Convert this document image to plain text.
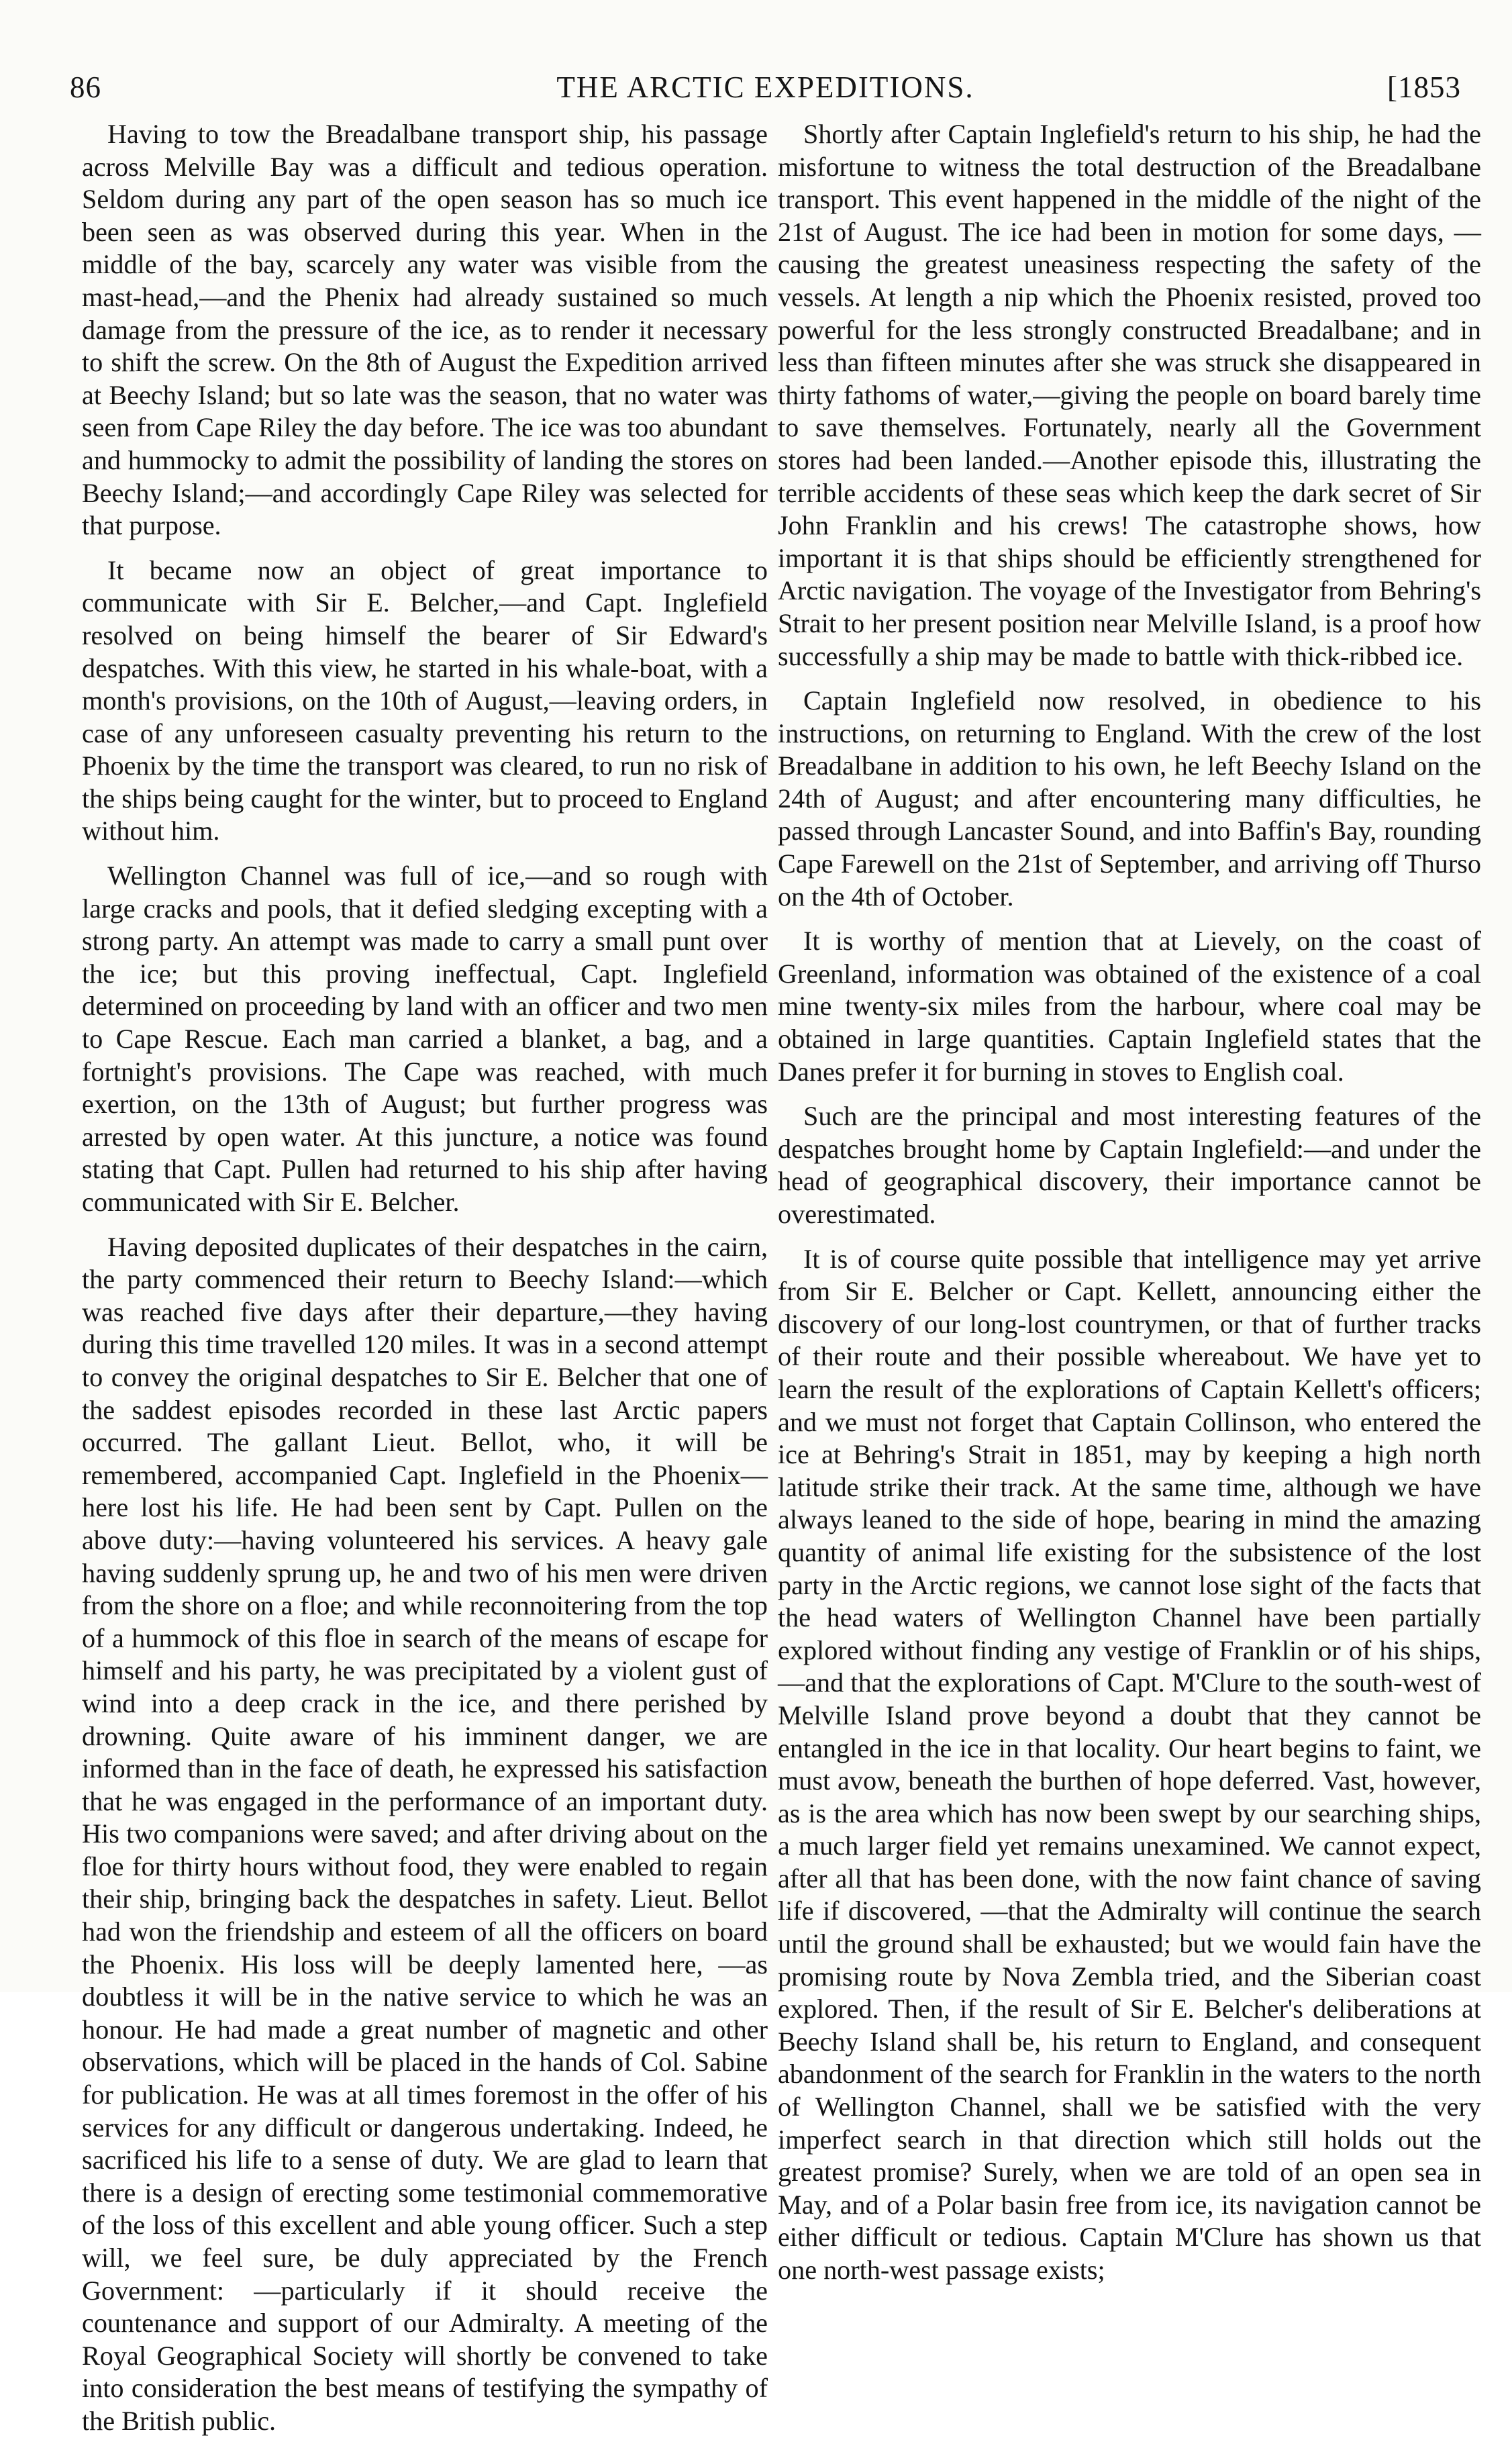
86	THE ARCTIC EXPEDITIONS.	[1853

Having to tow the Breadalbane transport ship, his passage across Melville Bay was a difficult and tedious operation. Seldom during any part of the open season has so much ice been seen as was observed during this year. When in the middle of the bay, scarcely any water was visible from the mast-head,—and the Phenix had already sustained so much damage from the pressure of the ice, as to render it necessary to shift the screw. On the 8th of August the Expedition arrived at Beechy Island; but so late was the season, that no water was seen from Cape Riley the day before. The ice was too abundant and hummocky to admit the possibility of landing the stores on Beechy Island;—and accordingly Cape Riley was selected for that purpose.

It became now an object of great importance to communicate with Sir E. Belcher,—and Capt. Inglefield resolved on being himself the bearer of Sir Edward's despatches. With this view, he started in his whale-boat, with a month's provisions, on the 10th of August,—leaving orders, in case of any unforeseen casualty preventing his return to the Phoenix by the time the transport was cleared, to run no risk of the ships being caught for the winter, but to proceed to England without him.

Wellington Channel was full of ice,—and so rough with large cracks and pools, that it defied sledging excepting with a strong party. An attempt was made to carry a small punt over the ice; but this proving ineffectual, Capt. Inglefield determined on proceeding by land with an officer and two men to Cape Rescue. Each man carried a blanket, a bag, and a fortnight's provisions. The Cape was reached, with much exertion, on the 13th of August; but further progress was arrested by open water. At this juncture, a notice was found stating that Capt. Pullen had returned to his ship after having communicated with Sir E. Belcher.

Having deposited duplicates of their despatches in the cairn, the party commenced their return to Beechy Island:—which was reached five days after their departure,—they having during this time travelled 120 miles. It was in a second attempt to convey the original despatches to Sir E. Belcher that one of the saddest episodes recorded in these last Arctic papers occurred. The gallant Lieut. Bellot, who, it will be remembered, accompanied Capt. Inglefield in the Phoenix—here lost his life. He had been sent by Capt. Pullen on the above duty:—having volunteered his services. A heavy gale having suddenly sprung up, he and two of his men were driven from the shore on a floe; and while reconnoitering from the top of a hummock of this floe in search of the means of escape for himself and his party, he was precipitated by a violent gust of wind into a deep crack in the ice, and there perished by drowning. Quite aware of his imminent danger, we are informed than in the face of death, he expressed his satisfaction that he was engaged in the performance of an important duty. His two companions were saved; and after driving about on the floe for thirty hours without food, they were enabled to regain their ship, bringing back the despatches in safety. Lieut. Bellot had won the friendship and esteem of all the officers on board the Phoenix. His loss will be deeply lamented here, —as doubtless it will be in the native service to which he was an honour. He had made a great number of magnetic and other observations, which will be placed in the hands of Col. Sabine for publication. He was at all times foremost in the offer of his services for any difficult or dangerous undertaking. Indeed, he sacrificed his life to a sense of duty. We are glad to learn that there is a design of erecting some testimonial commemorative of the loss of this excellent and able young officer. Such a step will, we feel sure, be duly appreciated by the French Government: —particularly if it should receive the countenance and support of our Admiralty. A meeting of the Royal Geographical Society will shortly be convened to take into consideration the best means of testifying the sympathy of the British public.

Shortly after Captain Inglefield's return to his ship, he had the misfortune to witness the total destruction of the Breadalbane transport. This event happened in the middle of the night of the 21st of August. The ice had been in motion for some days, —causing the greatest uneasiness respecting the safety of the vessels. At length a nip which the Phoenix resisted, proved too powerful for the less strongly constructed Breadalbane; and in less than fifteen minutes after she was struck she disappeared in thirty fathoms of water,—giving the people on board barely time to save themselves. Fortunately, nearly all the Government stores had been landed.—Another episode this, illustrating the terrible accidents of these seas which keep the dark secret of Sir John Franklin and his crews! The catastrophe shows, how important it is that ships should be efficiently strengthened for Arctic navigation. The voyage of the Investigator from Behring's Strait to her present position near Melville Island, is a proof how successfully a ship may be made to battle with thick-ribbed ice.

Captain Inglefield now resolved, in obedience to his instructions, on returning to England. With the crew of the lost Breadalbane in addition to his own, he left Beechy Island on the 24th of August; and after encountering many difficulties, he passed through Lancaster Sound, and into Baffin's Bay, rounding Cape Farewell on the 21st of September, and arriving off Thurso on the 4th of October.

It is worthy of mention that at Lievely, on the coast of Greenland, information was obtained of the existence of a coal mine twenty-six miles from the harbour, where coal may be obtained in large quantities. Captain Inglefield states that the Danes prefer it for burning in stoves to English coal.

Such are the principal and most interesting features of the despatches brought home by Captain Inglefield:—and under the head of geographical discovery, their importance cannot be overestimated.

It is of course quite possible that intelligence may yet arrive from Sir E. Belcher or Capt. Kellett, announcing either the discovery of our long-lost countrymen, or that of further tracks of their route and their possible whereabout. We have yet to learn the result of the explorations of Captain Kellett's officers; and we must not forget that Captain Collinson, who entered the ice at Behring's Strait in 1851, may by keeping a high north latitude strike their track. At the same time, although we have always leaned to the side of hope, bearing in mind the amazing quantity of animal life existing for the subsistence of the lost party in the Arctic regions, we cannot lose sight of the facts that the head waters of Wellington Channel have been partially explored without finding any vestige of Franklin or of his ships,—and that the explorations of Capt. M'Clure to the south-west of Melville Island prove beyond a doubt that they cannot be entangled in the ice in that locality. Our heart begins to faint, we must avow, beneath the burthen of hope deferred. Vast, however, as is the area which has now been swept by our searching ships, a much larger field yet remains unexamined. We cannot expect, after all that has been done, with the now faint chance of saving life if discovered, —that the Admiralty will continue the search until the ground shall be exhausted; but we would fain have the promising route by Nova Zembla tried, and the Siberian coast explored. Then, if the result of Sir E. Belcher's deliberations at Beechy Island shall be, his return to England, and consequent abandonment of the search for Franklin in the waters to the north of Wellington Channel, shall we be satisfied with the very imperfect search in that direction which still holds out the greatest promise? Surely, when we are told of an open sea in May, and of a Polar basin free from ice, its navigation cannot be either difficult or tedious. Captain M'Clure has shown us that one north-west passage exists;
